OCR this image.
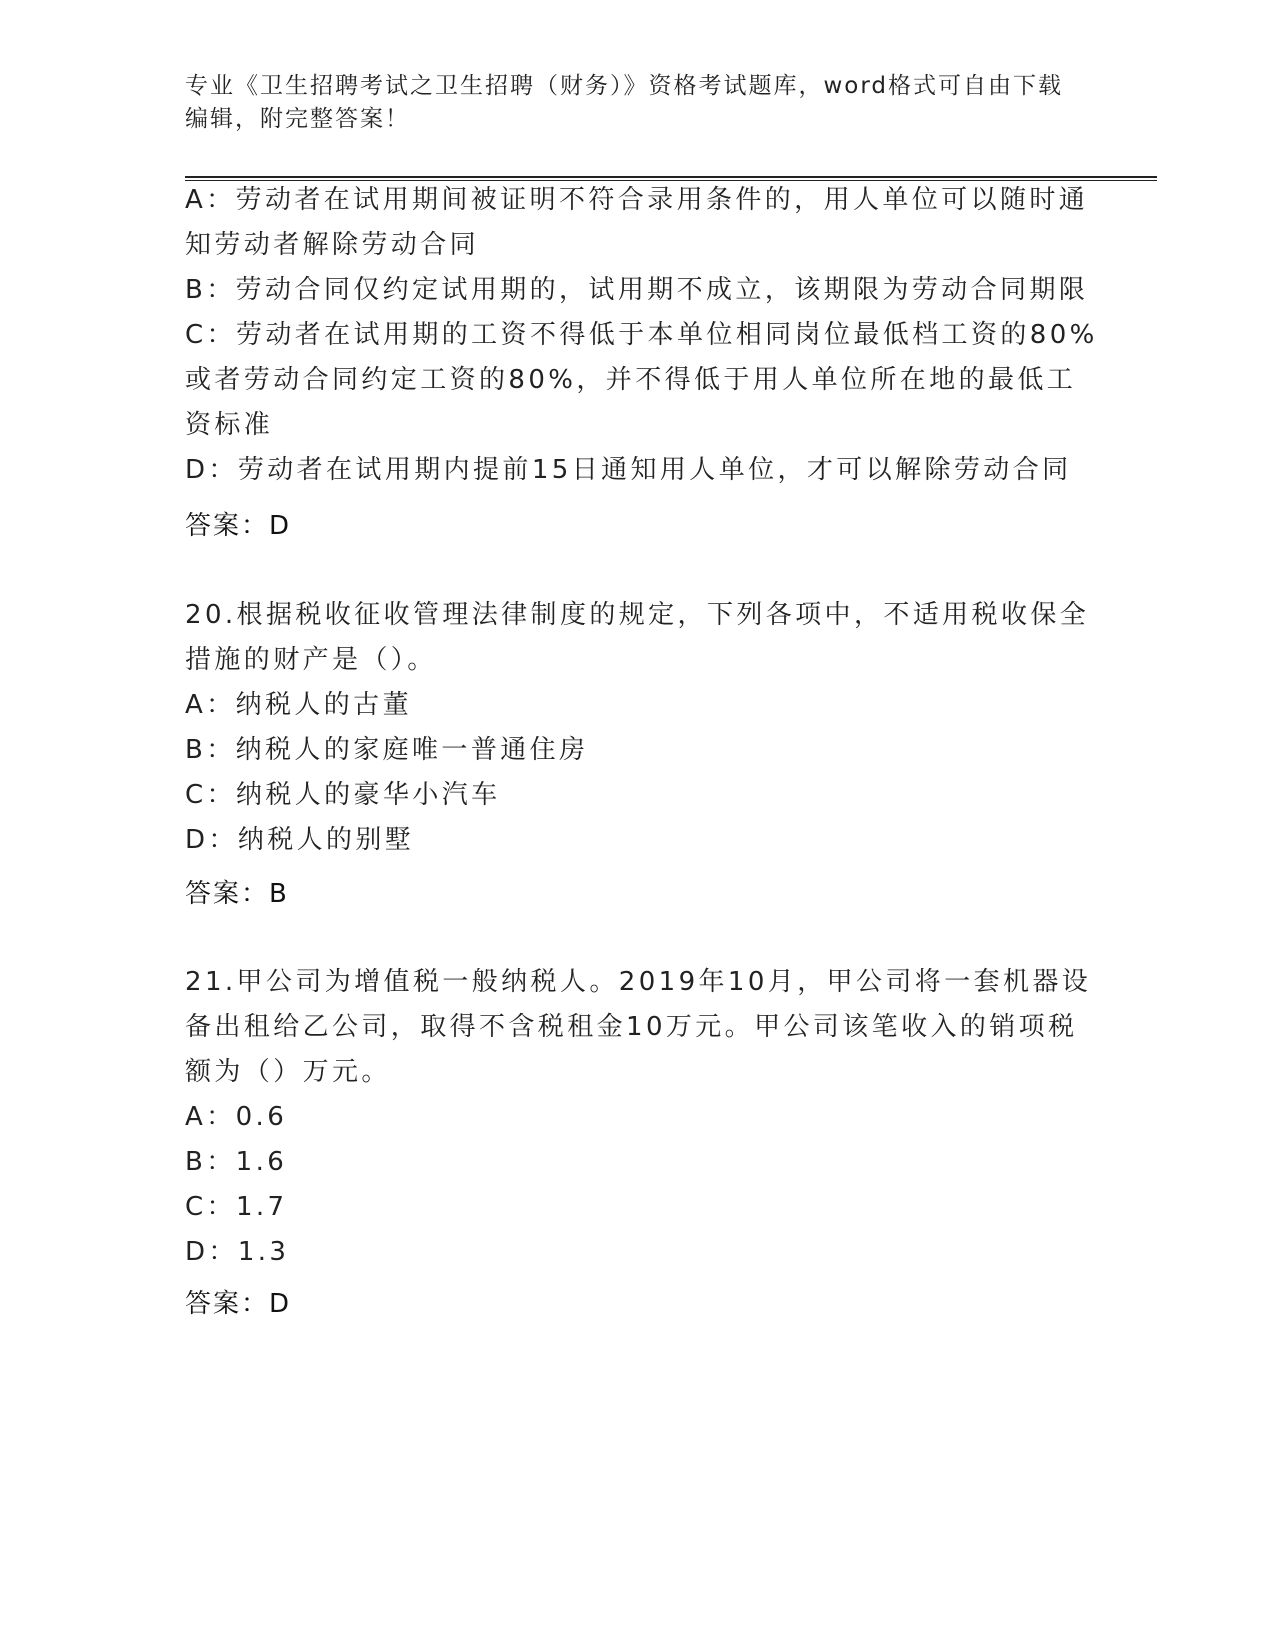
专业《卫生招聘考试之卫生招聘（财务）》资格考试题库，word格式可自由下载
编辑，附完整答案！
A：劳动者在试用期间被证明不符合录用条件的，用人单位可以随时通
知劳动者解除劳动合同
B：劳动合同仅约定试用期的，试用期不成立，该期限为劳动合同期限
C：劳动者在试用期的工资不得低于本单位相同岗位最低档工资的80%
或者劳动合同约定工资的80%，并不得低于用人单位所在地的最低工
资标准
D：劳动者在试用期内提前15日通知用人单位，才可以解除劳动合同
答案：D
20.根据税收征收管理法律制度的规定，下列各项中，不适用税收保全
措施的财产是（）。
A：纳税人的古董
B：纳税人的家庭唯一普通住房
C：纳税人的豪华小汽车
D：纳税人的别墅
答案：B
21.甲公司为增值税一般纳税人。2019年10月，甲公司将一套机器设
备出租给乙公司，取得不含税租金10万元。甲公司该笔收入的销项税
额为（）万元。
A：0.6
B：1.6
C：1.7
D：1.3
答案：D
